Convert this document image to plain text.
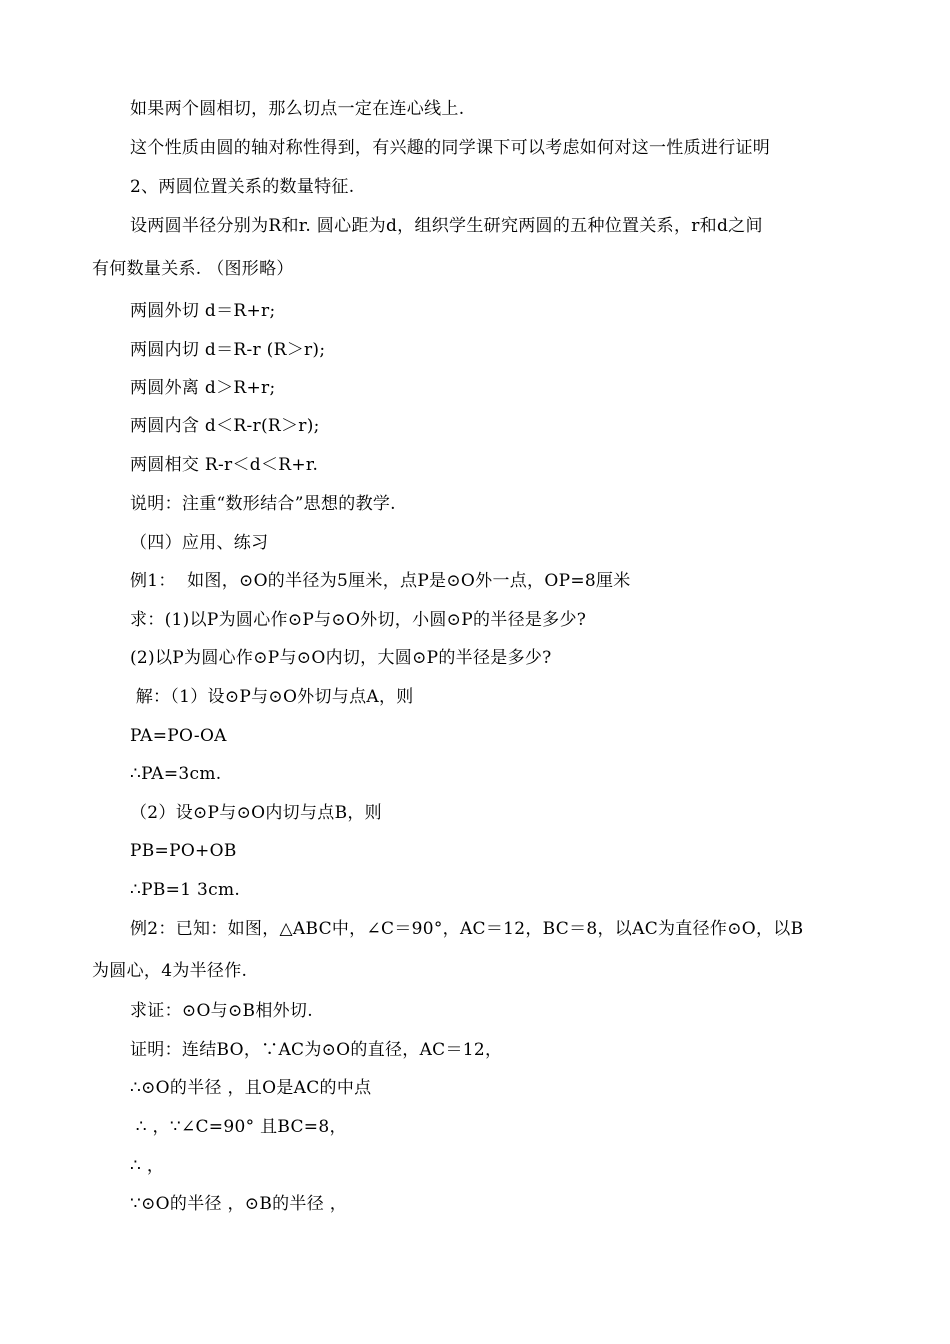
如果两个圆相切，那么切点一定在连心线上.
这个性质由圆的轴对称性得到，有兴趣的同学课下可以考虑如何对这一性质进行证明
2、两圆位置关系的数量特征.
设两圆半径分别为R和r. 圆心距为d，组织学生研究两圆的五种位置关系，r和d之间
有何数量关系. （图形略）
两圆外切 d＝R+r;
两圆内切 d＝R-r (R＞r);
两圆外离 d＞R+r;
两圆内含 d＜R-r(R＞r);
两圆相交 R-r＜d＜R+r.
说明：注重“数形结合”思想的教学.
（四）应用、练习
例1：  如图，⊙O的半径为5厘米，点P是⊙O外一点，OP=8厘米
求：(1)以P为圆心作⊙P与⊙O外切，小圆⊙P的半径是多少?
(2)以P为圆心作⊙P与⊙O内切，大圆⊙P的半径是多少?
解：（1）设⊙P与⊙O外切与点A，则
PA=PO-OA
∴PA=3cm.
（2）设⊙P与⊙O内切与点B，则
PB=PO+OB
∴PB=1 3cm.
例2：已知：如图，△ABC中，∠C＝90°，AC＝12，BC＝8，以AC为直径作⊙O，以B
为圆心，4为半径作.
求证：⊙O与⊙B相外切.
证明：连结BO，∵AC为⊙O的直径，AC＝12，
∴⊙O的半径 ，且O是AC的中点
∴ ，∵∠C=90° 且BC=8，
∴ ，
∵⊙O的半径 ，⊙B的半径 ，
